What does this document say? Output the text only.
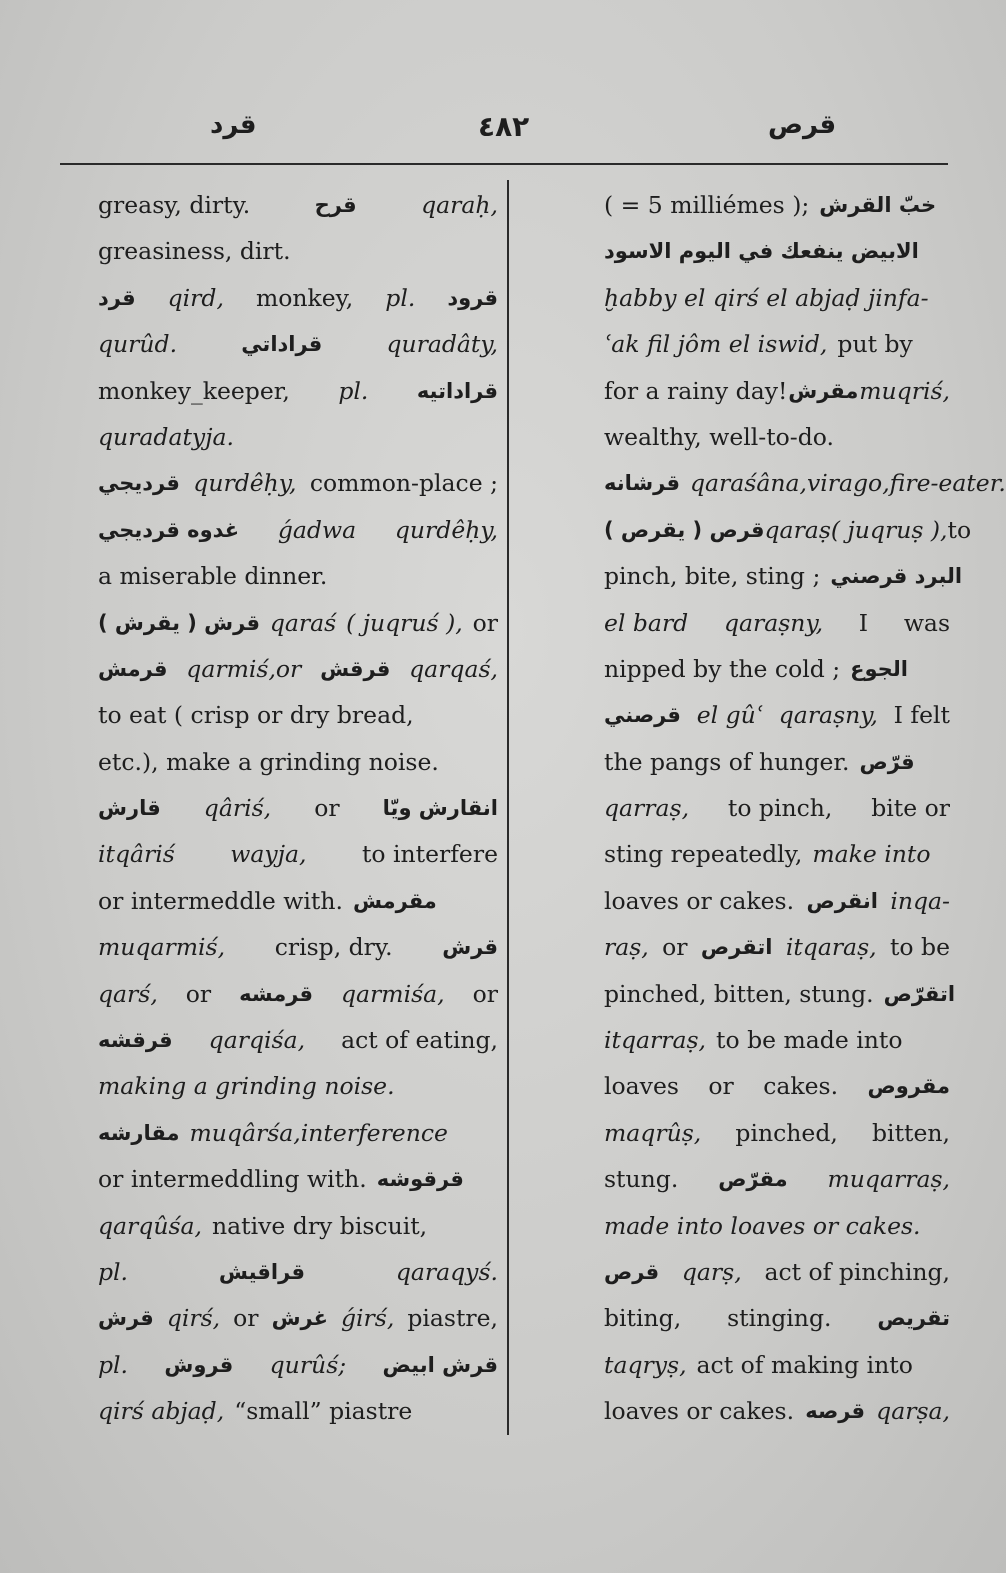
قرد	٤٨٢	قرص
greasy, dirty.	قرح	qaraḥ,
greasiness, dirt.
قرد qird, monkey, pl. قرود
qurûd.	قراداتي	quradâty,
monkey_keeper, pl. قراداتيه
quradatyja.
قرديجي qurdêḥy, common-place ;
غدوه قرديجي ǵadwa qurdêḥy,
a miserable dinner.
قرش ( يقرش ) qaraś ( juqruś ), or
قرمش qarmiś,or قرقش qarqaś,
to eat ( crisp or dry bread,
etc.), make a grinding noise.
قارش qâriś, or انقارش ويّا
itqâriś wayja, to interfere
or intermeddle with. مقرمش
muqarmiś, crisp, dry. قرش
qarś, or قرمشه qarmiśa, or
قرقشه qarqiśa, act of eating,
making a grinding noise.
مقارشه muqârśa,interference
or intermeddling with. قرقوشه
qarqûśa, native dry biscuit,
pl.	قراقيش	qaraqyś.
قرش qirś, or غرش ǵirś, piastre,
pl. قروش qurûś; قرش ابيض
qirś abjaḍ, “small” piastre
( = 5 milliémes ); خبّ القرش
الابيض ينفعك في اليوم الاسود
ḫabby el qirś el abjaḍ jinfa-
ʿak fil jôm el iswid, put by
for a rainy day! مقرش muqriś,
wealthy, well-to-do.
قرشانه qaraśâna,virago,fire-eater.
قرص ( يقرص ) qaraṣ ( juqruṣ ), to
pinch, bite, sting ; البرد قرصني
el bard qaraṣny, I was
nipped by the cold ; الجوع
قرصني el gûʿ qaraṣny, I felt
the pangs of hunger. قرّص
qarraṣ, to pinch, bite or
sting repeatedly, make into
loaves or cakes. انقرص inqa-
raṣ, or اتقرص itqaraṣ, to be
pinched, bitten, stung. اتقرّص
itqarraṣ, to be made into
loaves or cakes. مقروص
maqrûṣ, pinched, bitten,
stung. مقرّص muqarraṣ,
made into loaves or cakes.
قرص qarṣ, act of pinching,
biting, stinging. تقريص
taqryṣ, act of making into
loaves or cakes. قرصه qarṣa,
